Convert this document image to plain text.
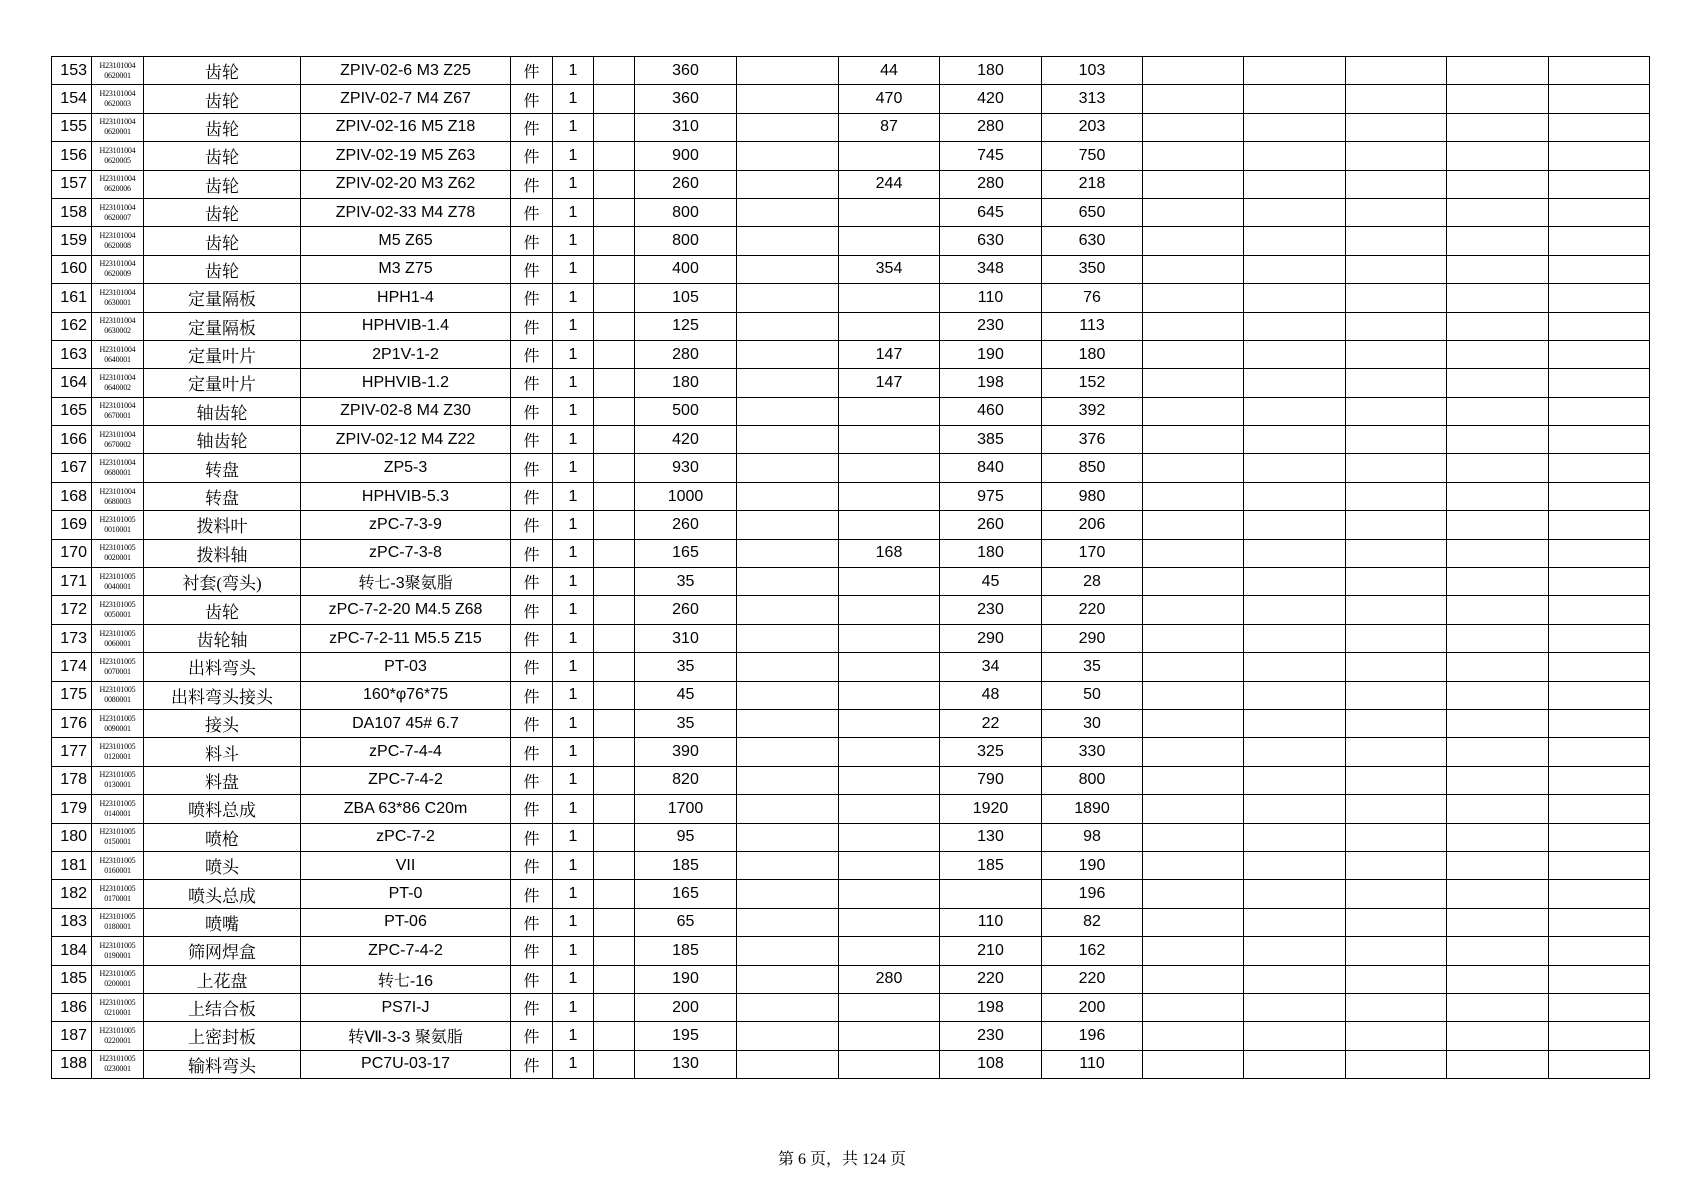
153	H23101004 0620001	齿轮	ZPIV-02-6 M3 Z25	件	1		360		44	180	103					
154	H23101004 0620003	齿轮	ZPIV-02-7 M4 Z67	件	1		360		470	420	313					
155	H23101004 0620001	齿轮	ZPIV-02-16 M5 Z18	件	1		310		87	280	203					
156	H23101004 0620005	齿轮	ZPIV-02-19 M5 Z63	件	1		900			745	750					
157	H23101004 0620006	齿轮	ZPIV-02-20 M3 Z62	件	1		260		244	280	218					
158	H23101004 0620007	齿轮	ZPIV-02-33 M4 Z78	件	1		800			645	650					
159	H23101004 0620008	齿轮	M5 Z65	件	1		800			630	630					
160	H23101004 0620009	齿轮	M3 Z75	件	1		400		354	348	350					
161	H23101004 0630001	定量隔板	HPH1-4	件	1		105			110	76					
162	H23101004 0630002	定量隔板	HPHVIB-1.4	件	1		125			230	113					
163	H23101004 0640001	定量叶片	2P1V-1-2	件	1		280		147	190	180					
164	H23101004 0640002	定量叶片	HPHVIB-1.2	件	1		180		147	198	152					
165	H23101004 0670001	轴齿轮	ZPIV-02-8 M4 Z30	件	1		500			460	392					
166	H23101004 0670002	轴齿轮	ZPIV-02-12 M4 Z22	件	1		420			385	376					
167	H23101004 0680001	转盘	ZP5-3	件	1		930			840	850					
168	H23101004 0680003	转盘	HPHVIB-5.3	件	1		1000			975	980					
169	H23101005 0010001	拨料叶	zPC-7-3-9	件	1		260			260	206					
170	H23101005 0020001	拨料轴	zPC-7-3-8	件	1		165		168	180	170					
171	H23101005 0040001	衬套(弯头)	转七-3聚氨脂	件	1		35			45	28					
172	H23101005 0050001	齿轮	zPC-7-2-20 M4.5 Z68	件	1		260			230	220					
173	H23101005 0060001	齿轮轴	zPC-7-2-11 M5.5 Z15	件	1		310			290	290					
174	H23101005 0070001	出料弯头	PT-03	件	1		35			34	35					
175	H23101005 0080001	出料弯头接头	160*φ76*75	件	1		45			48	50					
176	H23101005 0090001	接头	DA107 45# 6.7	件	1		35			22	30					
177	H23101005 0120001	料斗	zPC-7-4-4	件	1		390			325	330					
178	H23101005 0130001	料盘	ZPC-7-4-2	件	1		820			790	800					
179	H23101005 0140001	喷料总成	ZBA 63*86 C20m	件	1		1700			1920	1890					
180	H23101005 0150001	喷枪	zPC-7-2	件	1		95			130	98					
181	H23101005 0160001	喷头	VII	件	1		185			185	190					
182	H23101005 0170001	喷头总成	PT-0	件	1		165				196					
183	H23101005 0180001	喷嘴	PT-06	件	1		65			110	82					
184	H23101005 0190001	筛网焊盒	ZPC-7-4-2	件	1		185			210	162					
185	H23101005 0200001	上花盘	转七-16	件	1		190		280	220	220					
186	H23101005 0210001	上结合板	PS7I-J	件	1		200			198	200					
187	H23101005 0220001	上密封板	转Ⅶ-3-3 聚氨脂	件	1		195			230	196					
188	H23101005 0230001	输料弯头	PC7U-03-17	件	1		130			108	110					
第 6 页，共 124 页
